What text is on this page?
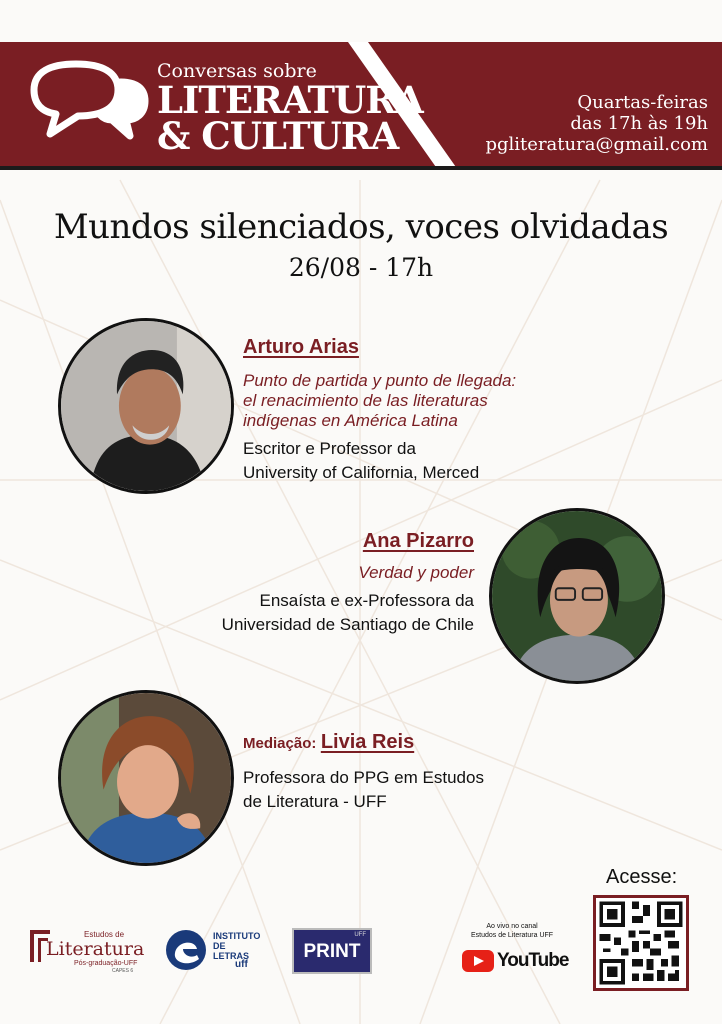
Conversas sobre
LITERATURA
& CULTURA
Quartas-feiras
das 17h às 19h
pgliteratura@gmail.com
Mundos silenciados, voces olvidadas
26/08 - 17h
Arturo Arias
Punto de partida y punto de llegada:
el renacimiento de las literaturas
indígenas en América Latina
Escritor e Professor da
University of California, Merced
Ana Pizarro
Verdad y poder
Ensaísta e ex-Professora da
Universidad de Santiago de Chile
Mediação: Livia Reis
Professora do PPG em Estudos
de Literatura - UFF
Estudos de
Literatura
Pós-graduação-UFF
CAPES 6
INSTITUTO
DE LETRAS
uff
UFF
PRINT
Ao vivo no canal
Estudos de Literatura UFF
YouTube
Acesse:
